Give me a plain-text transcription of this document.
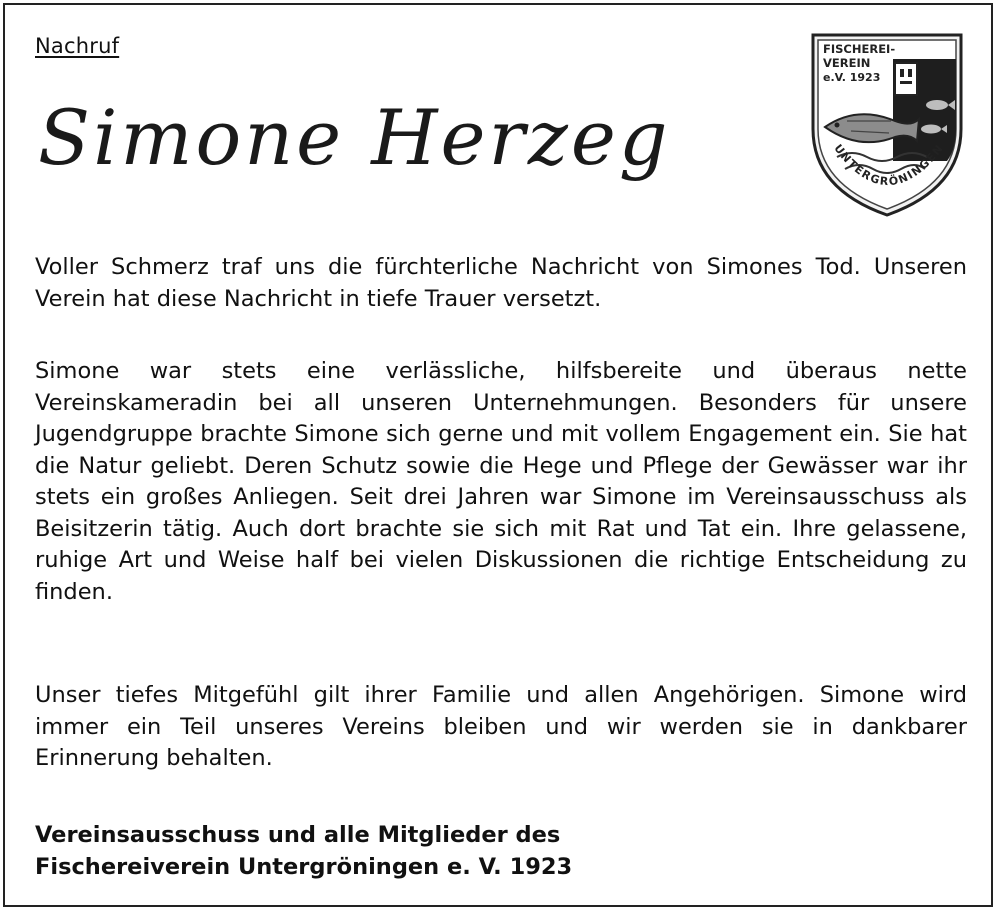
Nachruf
Simone Herzeg
FISCHEREI-
VEREIN
e.V. 1923
UNTERGRÖNINGEN

Voller Schmerz traf uns die fürchterliche Nachricht von Simones Tod. Unseren Verein hat diese Nachricht in tiefe Trauer versetzt.

Simone war stets eine verlässliche, hilfsbereite und überaus nette Vereinskameradin bei all unseren Unternehmungen. Besonders für unsere Jugendgruppe brachte Simone sich gerne und mit vollem Engagement ein. Sie hat die Natur geliebt. Deren Schutz sowie die Hege und Pflege der Gewässer war ihr stets ein großes Anliegen. Seit drei Jahren war Simone im Vereinsausschuss als Beisitzerin tätig. Auch dort brachte sie sich mit Rat und Tat ein. Ihre gelassene, ruhige Art und Weise half bei vielen Diskussionen die richtige Entscheidung zu finden.

Unser tiefes Mitgefühl gilt ihrer Familie und allen Angehörigen. Simone wird immer ein Teil unseres Vereins bleiben und wir werden sie in dankbarer Erinnerung behalten.

Vereinsausschuss und alle Mitglieder des
Fischereiverein Untergröningen e. V. 1923
